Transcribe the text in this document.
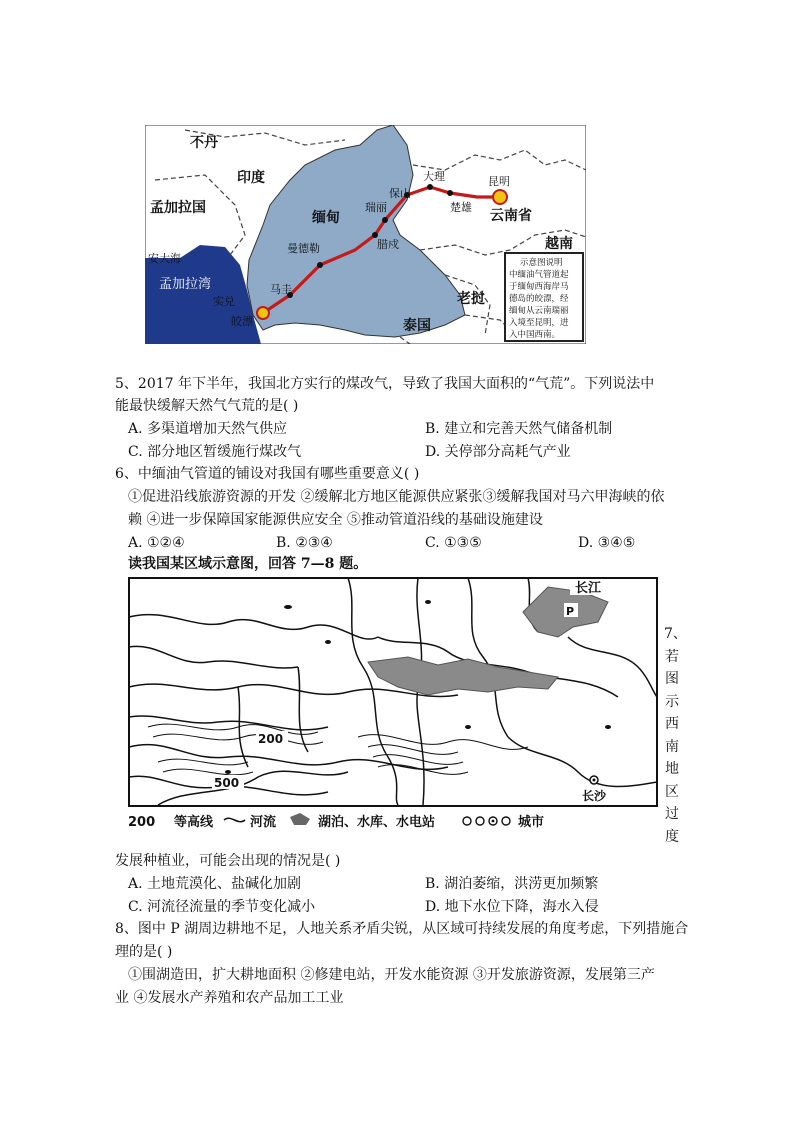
不丹
印度
孟加拉国
缅甸
越南
老挝
泰国
云南省
安大海
孟加拉湾
实兑
皎漂
马圭
曼德勒	腊戍
瑞丽
保山
大理
楚雄
昆明
示意图说明
中缅油气管道起
于缅甸西海岸马
德岛的皎漂，经
缅甸从云南瑞丽
入境至昆明，进
入中国西南。
5、2017 年下半年，我国北方实行的煤改气，导致了我国大面积的“气荒”。下列说法中
能最快缓解天然气气荒的是( )
A. 多渠道增加天然气供应	B. 建立和完善天然气储备机制
C. 部分地区暂缓施行煤改气	D. 关停部分高耗气产业
6、中缅油气管道的铺设对我国有哪些重要意义( )
①促进沿线旅游资源的开发 ②缓解北方地区能源供应紧张③缓解我国对马六甲海峡的依
赖 ④进一步保障国家能源供应安全 ⑤推动管道沿线的基础设施建设
A. ①②④	B. ②③④	C. ①③⑤	D. ③④⑤
读我国某区域示意图，回答 7—8 题。
长江
P
200
500
长沙
200 等高线	河流	湖泊、水库、水电站	城市
7、若图示西南地区过度
发展种植业，可能会出现的情况是( )
A. 土地荒漠化、盐碱化加剧	B. 湖泊萎缩，洪涝更加频繁
C. 河流径流量的季节变化减小	D. 地下水位下降，海水入侵
8、图中 P 湖周边耕地不足，人地关系矛盾尖锐，从区域可持续发展的角度考虑，下列措施合
理的是( )
①围湖造田，扩大耕地面积 ②修建电站，开发水能资源 ③开发旅游资源，发展第三产
业 ④发展水产养殖和农产品加工工业
